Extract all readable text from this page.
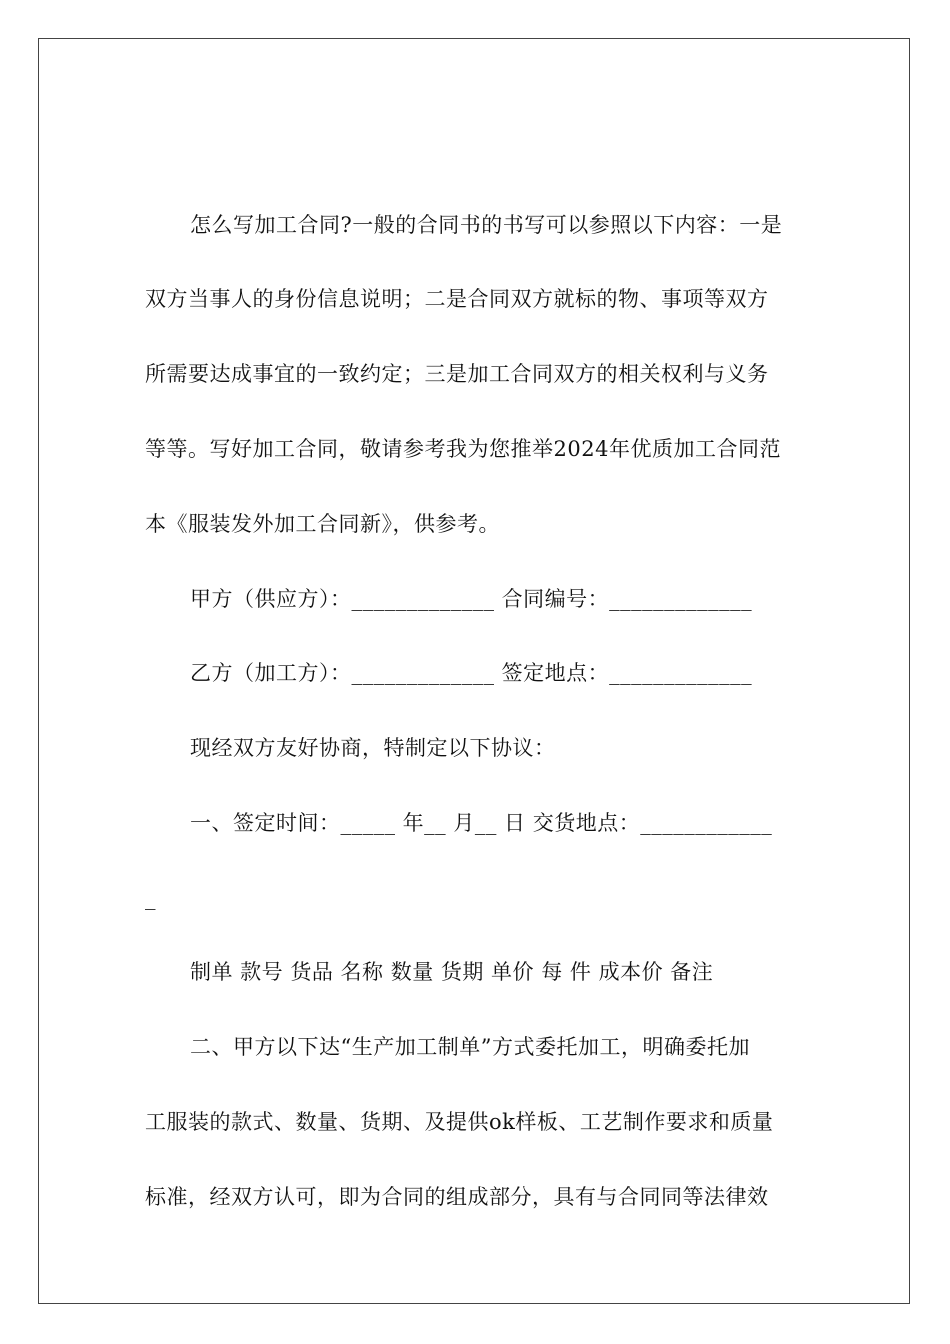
怎么写加工合同?一般的合同书的书写可以参照以下内容：一是
双方当事人的身份信息说明；二是合同双方就标的物、事项等双方
所需要达成事宜的一致约定；三是加工合同双方的相关权利与义务
等等。写好加工合同，敬请参考我为您推举2024年优质加工合同范
本《服装发外加工合同新》，供参考。
甲方（供应方）：_____________ 合同编号：_____________
乙方（加工方）：_____________ 签定地点：_____________
现经双方友好协商，特制定以下协议：
一、签定时间：_____ 年__ 月__ 日 交货地点：____________
_
制单 款号 货品 名称 数量 货期 单价 每 件 成本价 备注
二、甲方以下达“生产加工制单”方式委托加工，明确委托加
工服装的款式、数量、货期、及提供ok样板、工艺制作要求和质量
标准，经双方认可，即为合同的组成部分，具有与合同同等法律效
